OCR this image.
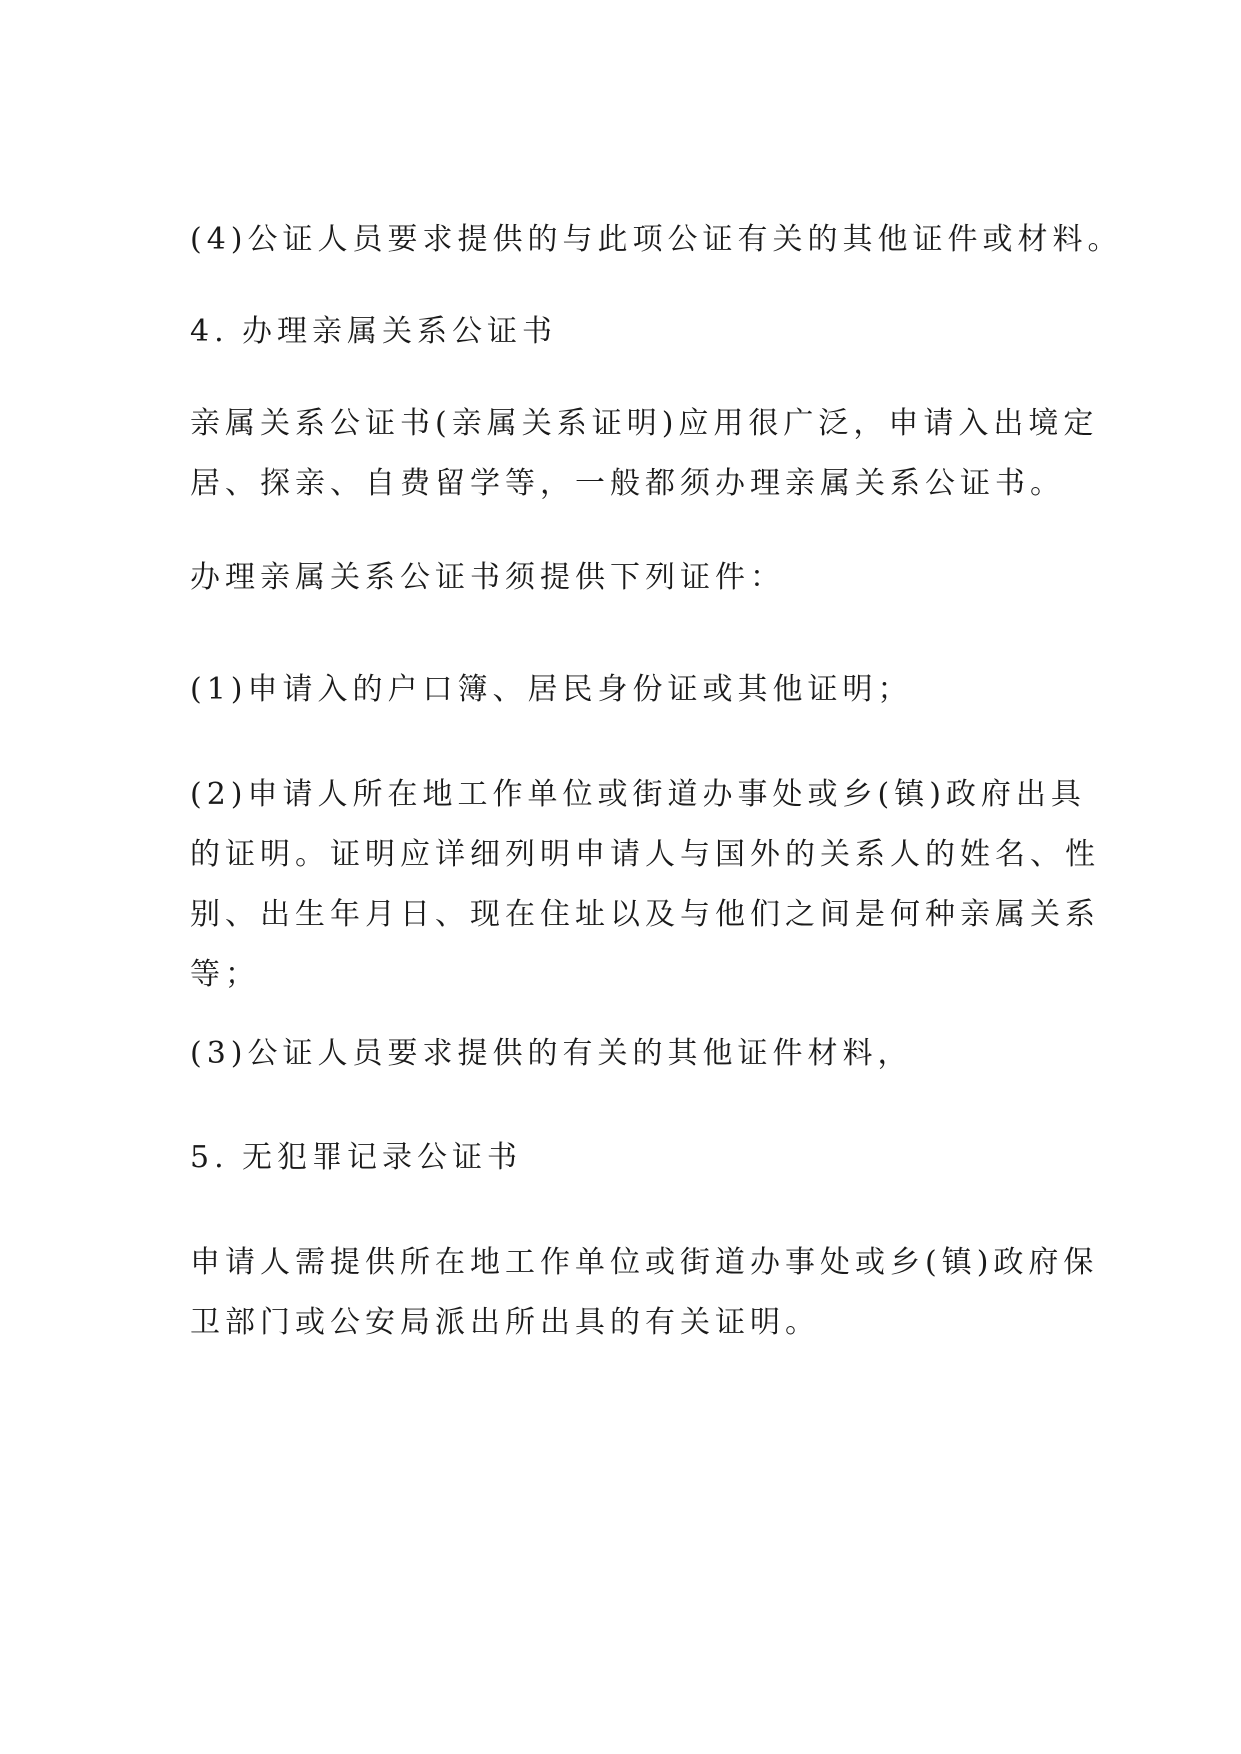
(4)公证人员要求提供的与此项公证有关的其他证件或材料。

4. 办理亲属关系公证书

亲属关系公证书(亲属关系证明)应用很广泛，申请入出境定
居、探亲、自费留学等，一般都须办理亲属关系公证书。

办理亲属关系公证书须提供下列证件：

(1)申请入的户口簿、居民身份证或其他证明；

(2)申请人所在地工作单位或街道办事处或乡(镇)政府出具
的证明。证明应详细列明申请人与国外的关系人的姓名、性
别、出生年月日、现在住址以及与他们之间是何种亲属关系
等；

(3)公证人员要求提供的有关的其他证件材料，

5. 无犯罪记录公证书

申请人需提供所在地工作单位或街道办事处或乡(镇)政府保
卫部门或公安局派出所出具的有关证明。
